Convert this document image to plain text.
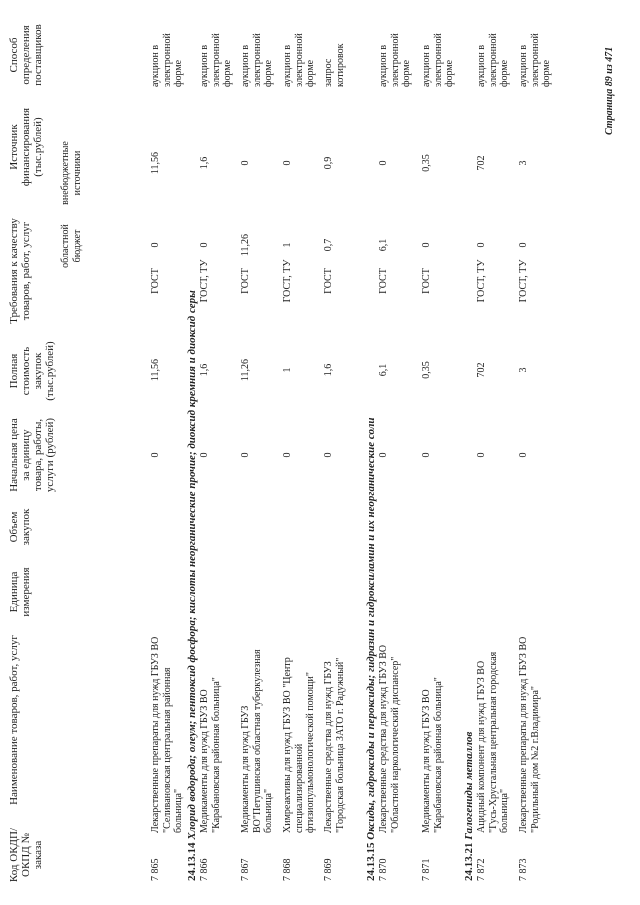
Код ОКДП/ ОКПД № заказа
Наименование товаров, работ, услуг
Единица измерения
Объем закупок
Начальная цена за единицу товара, работы, услуги (рублей)
Полная стоимость закупок (тыс.рублей)
Требования к качеству товаров, работ, услуг
Источник финансирования (тыс.рублей)
областной бюджет
внебюджетные источники
Способ определения поставщиков
7 865
Лекарственные препараты для нужд ГБУЗ ВО "Селивановская центральная районная больница"
0
11,56
ГОСТ
0
11,56
аукцион в электронной форме
24.13.14 Хлорид водорода; олеум; пентоксид фосфора; кислоты неорганические прочие; диоксид кремния и диоксид серы
7 866
Медикаменты для нужд ГБУЗ ВО "Карабановская районная больница"
0
1,6
ГОСТ, ТУ
0
1,6
аукцион в электронной форме
7 867
Медикаменты для нужд ГБУЗ ВО"Петушинская областная туберкулезная больница"
0
11,26
ГОСТ
11,26
0
аукцион в электронной форме
7 868
Химреактивы для нужд ГБУЗ ВО "Центр специализированной фтизиопульмонологической помощи"
0
1
ГОСТ, ТУ
1
0
аукцион в электронной форме
7 869
Лекарственные средства для нужд ГБУЗ "Городская больница ЗАТО г. Радужный"
0
1,6
ГОСТ
0,7
0,9
запрос котировок
24.13.15 Оксиды, гидроксиды и пероксиды; гидразин и гидроксиламин и их неорганические соли
7 870
Лекарственные средства для нужд ГБУЗ ВО "Областной наркологический диспансер"
0
6,1
ГОСТ
6,1
0
аукцион в электронной форме
7 871
Медикаменты для нужд ГБУЗ ВО "Карабановская районная больница"
0
0,35
ГОСТ
0
0,35
аукцион в электронной форме
24.13.21 Галогениды металлов
7 872
Ацидный компонент для нужд ГБУЗ ВО "Гусь-Хрустальная центральная городская больница"
0
702
ГОСТ, ТУ
0
702
аукцион в электронной форме
7 873
Лекарственные препараты для нужд ГБУЗ ВО "Родильный дом №2 г.Владимира"
0
3
ГОСТ, ТУ
0
3
аукцион в электронной форме	Страница 89 из 471
